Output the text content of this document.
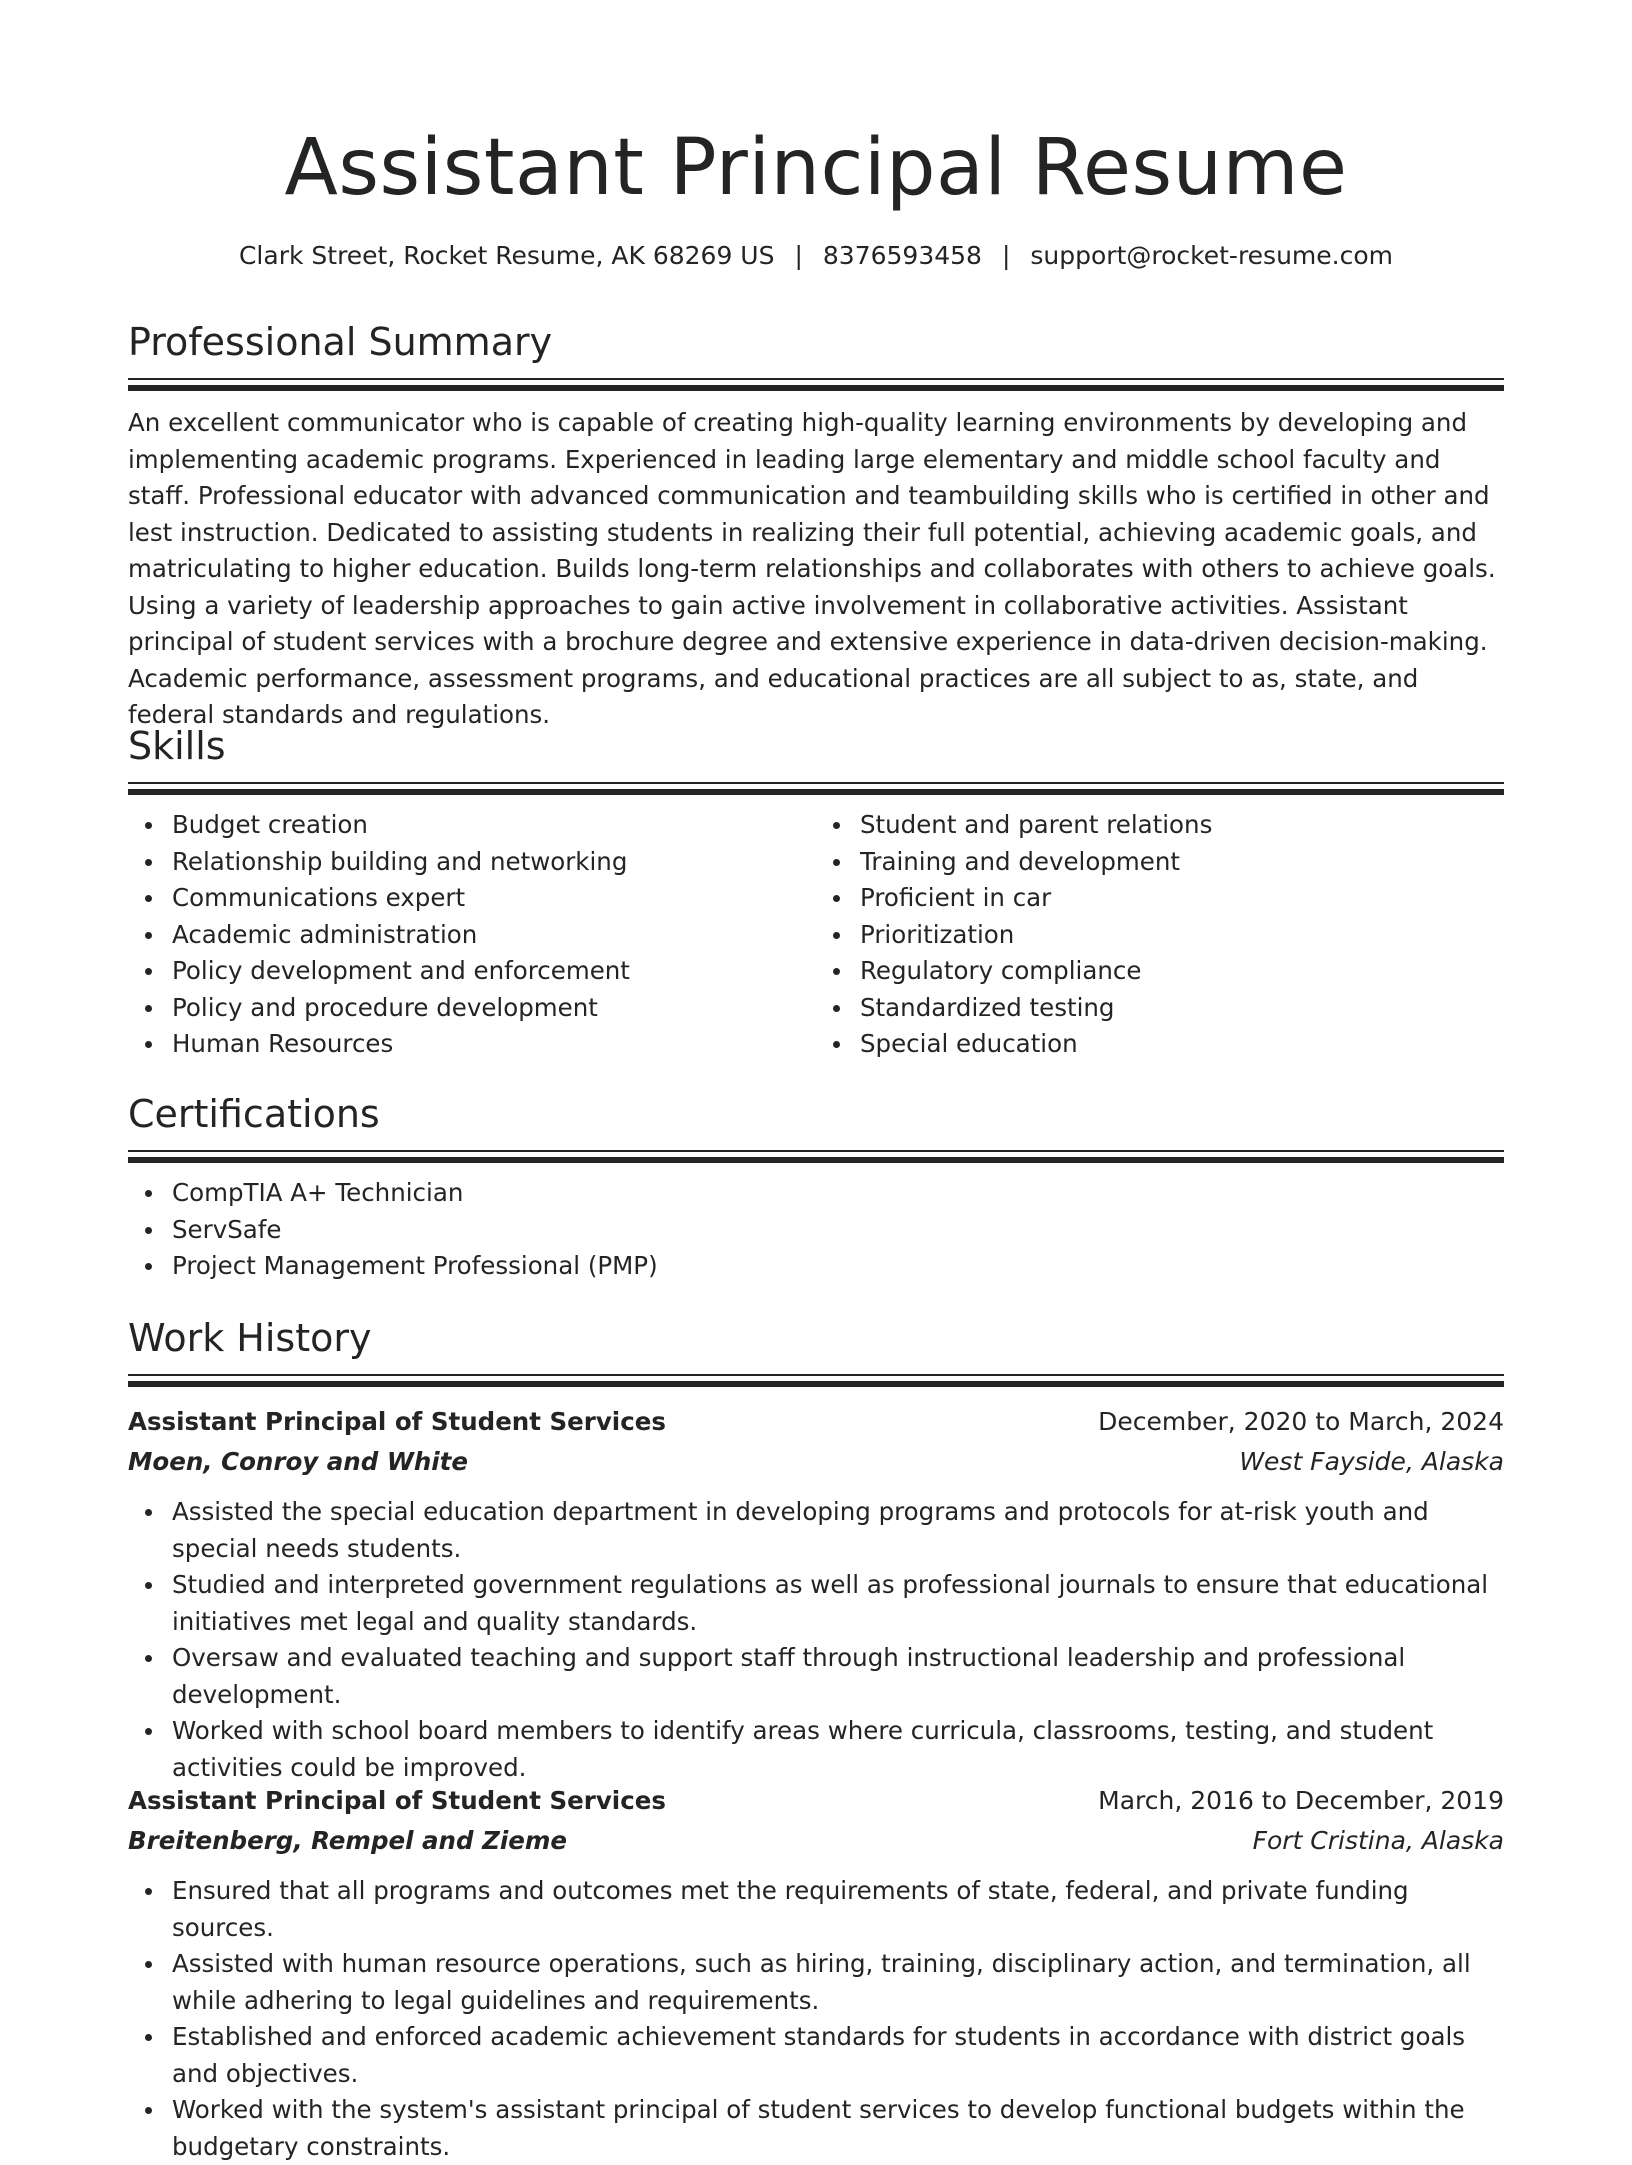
Assistant Principal Resume
Clark Street, Rocket Resume, AK 68269 US | 8376593458 | support@rocket-resume.com
Professional Summary

An excellent communicator who is capable of creating high-quality learning environments by developing and implementing academic programs. Experienced in leading large elementary and middle school faculty and staff. Professional educator with advanced communication and teambuilding skills who is certified in other and lest instruction. Dedicated to assisting students in realizing their full potential, achieving academic goals, and matriculating to higher education. Builds long-term relationships and collaborates with others to achieve goals. Using a variety of leadership approaches to gain active involvement in collaborative activities. Assistant principal of student services with a brochure degree and extensive experience in data-driven decision-making. Academic performance, assessment programs, and educational practices are all subject to as, state, and federal standards and regulations.

Skills
Budget creation
Relationship building and networking
Communications expert
Academic administration
Policy development and enforcement
Policy and procedure development
Human Resources
Student and parent relations
Training and development
Proficient in car
Prioritization
Regulatory compliance
Standardized testing
Special education
Certifications
CompTIA A+ Technician
ServSafe
Project Management Professional (PMP)
Work History
Assistant Principal of Student Services	December, 2020 to March, 2024
Moen, Conroy and White	West Fayside, Alaska
Assisted the special education department in developing programs and protocols for at-risk youth and special needs students.
Studied and interpreted government regulations as well as professional journals to ensure that educational initiatives met legal and quality standards.
Oversaw and evaluated teaching and support staff through instructional leadership and professional development.
Worked with school board members to identify areas where curricula, classrooms, testing, and student activities could be improved.
Assistant Principal of Student Services	March, 2016 to December, 2019
Breitenberg, Rempel and Zieme	Fort Cristina, Alaska
Ensured that all programs and outcomes met the requirements of state, federal, and private funding sources.
Assisted with human resource operations, such as hiring, training, disciplinary action, and termination, all while adhering to legal guidelines and requirements.
Established and enforced academic achievement standards for students in accordance with district goals and objectives.
Worked with the system's assistant principal of student services to develop functional budgets within the budgetary constraints.
